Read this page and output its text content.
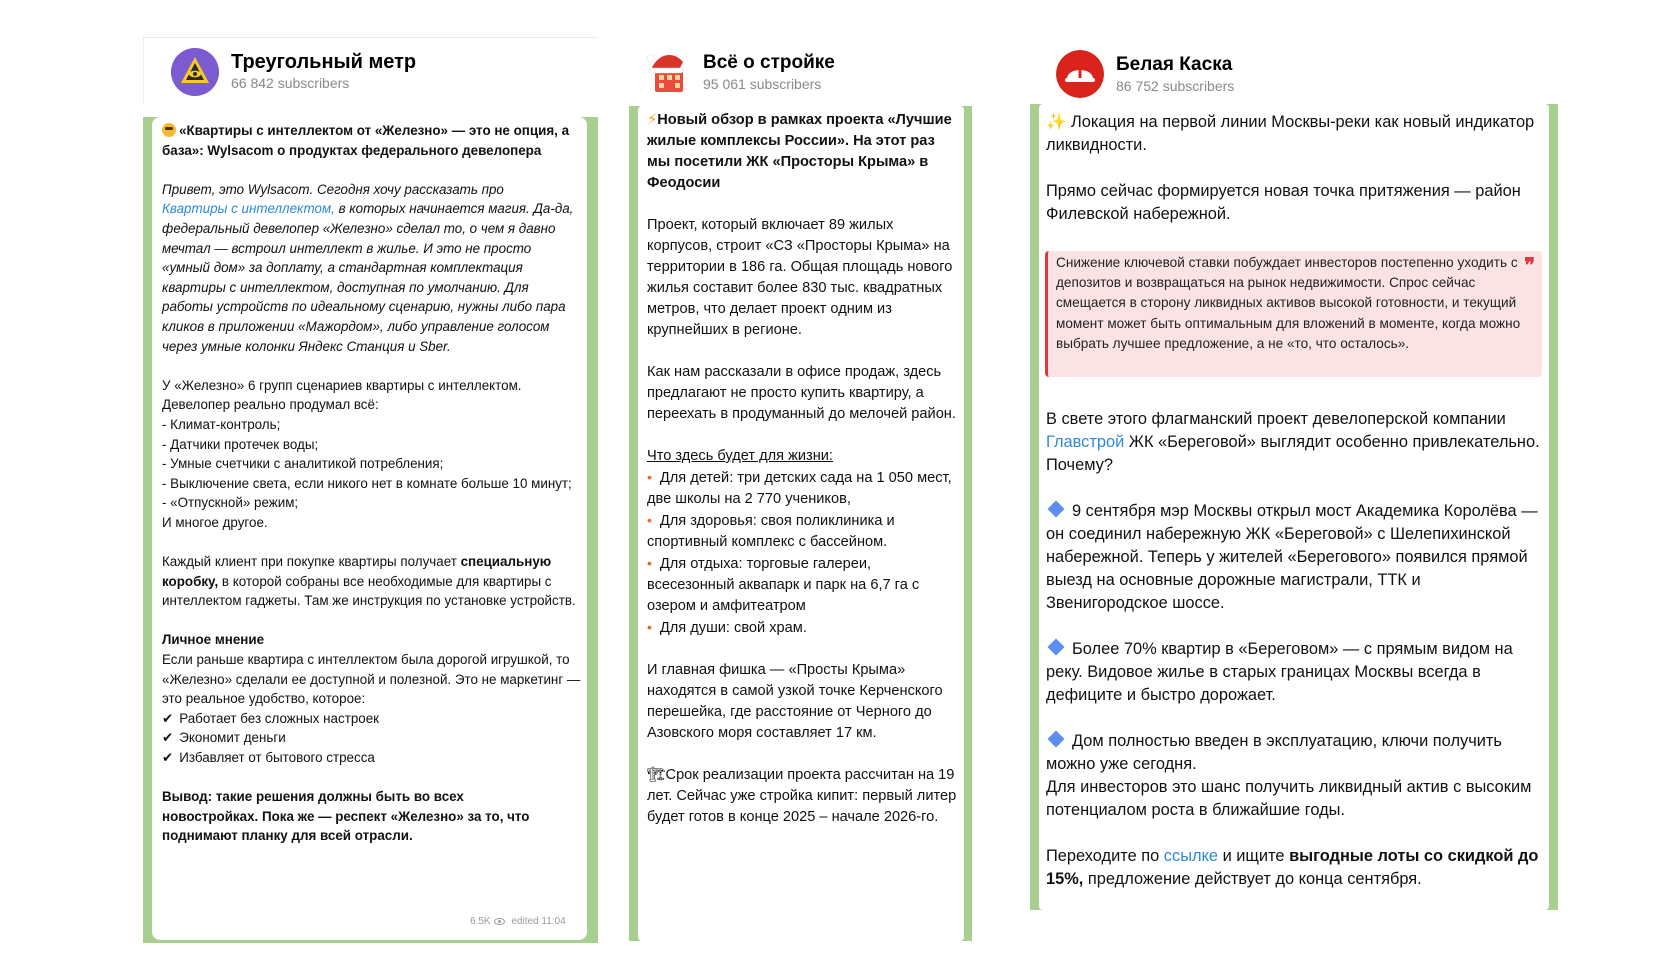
Треугольный метр
66 842 subscribers

«Квартиры с интеллектом от «Железно» — это не опция, а база»: Wylsacom о продуктах федерального девелопера

Привет, это Wylsacom. Сегодня хочу рассказать про
Квартиры с интеллектом, в которых начинается магия. Да-да, федеральный девелопер «Железно» сделал то, о чем я давно мечтал — встроил интеллект в жилье. И это не просто «умный дом» за доплату, а стандартная комплектация квартиры с интеллектом, доступная по умолчанию. Для работы устройств по идеальному сценарию, нужны либо пара кликов в приложении «Мажордом», либо управление голосом через умные колонки Яндекс Станция и Sber.

У «Железно» 6 групп сценариев квартиры с интеллектом. Девелопер реально продумал всё:

- Климат-контроль;

- Датчики протечек воды;

- Умные счетчики с аналитикой потребления;

- Выключение света, если никого нет в комнате больше 10 минут;

- «Отпускной» режим;

И многое другое.

Каждый клиент при покупке квартиры получает специальную коробку, в которой собраны все необходимые для квартиры с интеллектом гаджеты. Там же инструкция по установке устройств.

Личное мнение

Если раньше квартира с интеллектом была дорогой игрушкой, то «Железно» сделали ее доступной и полезной. Это не маркетинг — это реальное удобство, которое:

✔ Работает без сложных настроек

✔ Экономит деньги

✔ Избавляет от бытового стресса

Вывод: такие решения должны быть во всех новостройках. Пока же — респект «Железно» за то, что поднимают планку для всей отрасли.

6.5K edited 11:04
Всё о стройке
95 061 subscribers

⚡Новый обзор в рамках проекта «Лучшие жилые комплексы России». На этот раз мы посетили ЖК «Просторы Крыма» в Феодосии

Проект, который включает 89 жилых корпусов, строит «СЗ «Просторы Крыма» на территории в 186 га. Общая площадь нового жилья составит более 830 тыс. квадратных метров, что делает проект одним из крупнейших в регионе.

Как нам рассказали в офисе продаж, здесь предлагают не просто купить квартиру, а переехать в продуманный до мелочей район.

Что здесь будет для жизни:

• Для детей: три детских сада на 1 050 мест, две школы на 2 770 учеников,

• Для здоровья: своя поликлиника и спортивный комплекс с бассейном.

• Для отдыха: торговые галереи, всесезонный аквапарк и парк на 6,7 га с озером и амфитеатром

• Для души: свой храм.

И главная фишка — «Просты Крыма» находятся в самой узкой точке Керченского перешейка, где расстояние от Черного до Азовского моря составляет 17 км.

🏗Срок реализации проекта рассчитан на 19 лет. Сейчас уже стройка кипит: первый литер будет готов в конце 2025 – начале 2026-го.

Белая Каска
86 752 subscribers

✨ Локация на первой линии Москвы-реки как новый индикатор ликвидности.

Прямо сейчас формируется новая точка притяжения — район Филевской набережной.

Снижение ключевой ставки побуждает инвесторов постепенно уходить с депозитов и возвращаться на рынок недвижимости. Спрос сейчас смещается в сторону ликвидных активов высокой готовности, и текущий момент может быть оптимальным для вложений в моменте, когда можно выбрать лучшее предложение, а не «то, что осталось».
❞

В свете этого флагманский проект девелоперской компании Главстрой ЖК «Береговой» выглядит особенно привлекательно. Почему?

9 сентября мэр Москвы открыл мост Академика Королёва — он соединил набережную ЖК «Береговой» с Шелепихинской набережной. Теперь у жителей «Берегового» появился прямой выезд на основные дорожные магистрали, ТТК и Звенигородское шоссе.

Более 70% квартир в «Береговом» — с прямым видом на реку. Видовое жилье в старых границах Москвы всегда в дефиците и быстро дорожает.

Дом полностью введен в эксплуатацию, ключи получить можно уже сегодня.

Для инвесторов это шанс получить ликвидный актив с высоким потенциалом роста в ближайшие годы.

Переходите по ссылке и ищите выгодные лоты со скидкой до 15%, предложение действует до конца сентября.
